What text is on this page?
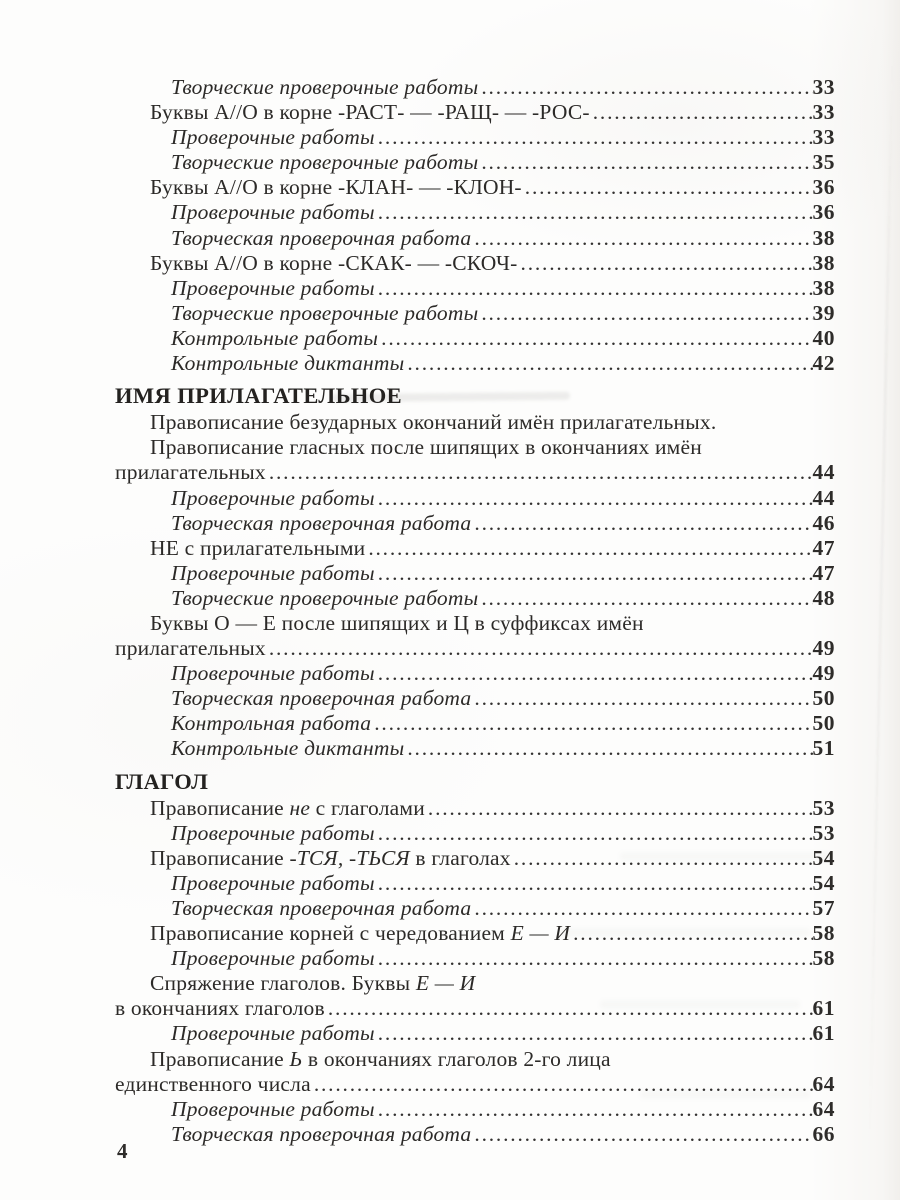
Творческие проверочные работы .....	33
Буквы А//О в корне -РАСТ- — -РАЩ- — -РОС- .....	33
Проверочные работы .....	33
Творческие проверочные работы .....	35
Буквы А//О в корне -КЛАН- — -КЛОН- .....	36
Проверочные работы .....	36
Творческая проверочная работа .....	38
Буквы А//О в корне -СКАК- — -СКОЧ- .....	38
Проверочные работы .....	38
Творческие проверочные работы .....	39
Контрольные работы .....	40
Контрольные диктанты .....	42
ИМЯ ПРИЛАГАТЕЛЬНОЕ
Правописание безударных окончаний имён прилагательных.
Правописание гласных после шипящих в окончаниях имён
прилагательных .....	44
Проверочные работы .....	44
Творческая проверочная работа .....	46
НЕ с прилагательными .....	47
Проверочные работы .....	47
Творческие проверочные работы .....	48
Буквы О — Е после шипящих и Ц в суффиксах имён
прилагательных .....	49
Проверочные работы .....	49
Творческая проверочная работа .....	50
Контрольная работа .....	50
Контрольные диктанты .....	51
ГЛАГОЛ
Правописание не с глаголами .....	53
Проверочные работы .....	53
Правописание -ТСЯ, -ТЬСЯ в глаголах .....	54
Проверочные работы .....	54
Творческая проверочная работа .....	57
Правописание корней с чередованием Е — И .....	58
Проверочные работы .....	58
Спряжение глаголов. Буквы Е — И
в окончаниях глаголов .....	61
Проверочные работы .....	61
Правописание Ь в окончаниях глаголов 2-го лица
единственного числа .....	64
Проверочные работы .....	64
Творческая проверочная работа .....	66
4
